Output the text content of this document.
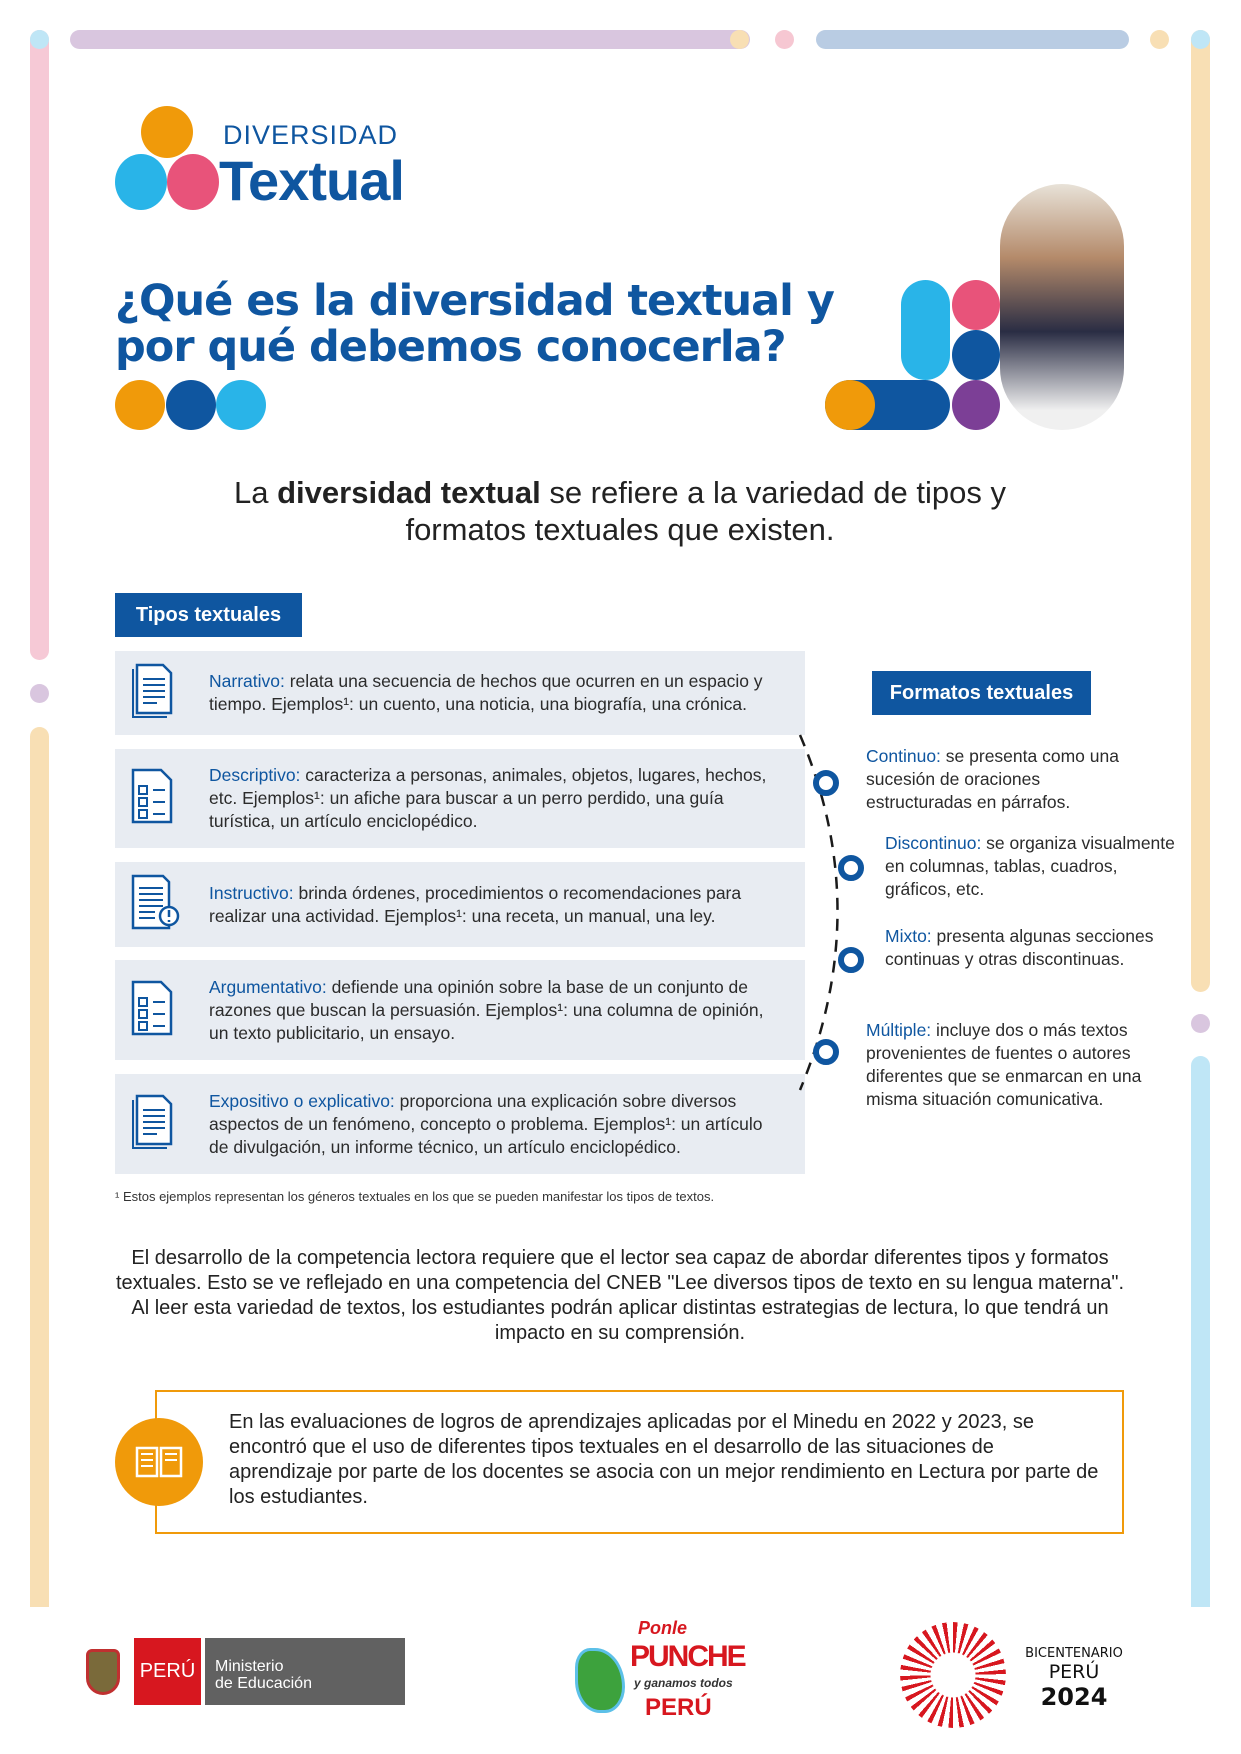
DIVERSIDAD
Textual
¿Qué es la diversidad textual y por qué debemos conocerla?
La diversidad textual se refiere a la variedad de tipos y formatos textuales que existen.
Tipos textuales

Narrativo: relata una secuencia de hechos que ocurren en un espacio y tiempo. Ejemplos¹: un cuento, una noticia, una biografía, una crónica.

Descriptivo: caracteriza a personas, animales, objetos, lugares, hechos, etc. Ejemplos¹: un afiche para buscar a un perro perdido, una guía turística, un artículo enciclopédico.

Instructivo: brinda órdenes, procedimientos o recomendaciones para realizar una actividad. Ejemplos¹: una receta, un manual, una ley.

Argumentativo: defiende una opinión sobre la base de un conjunto de razones que buscan la persuasión. Ejemplos¹: una columna de opinión, un texto publicitario, un ensayo.

Expositivo o explicativo: proporciona una explicación sobre diversos aspectos de un fenómeno, concepto o problema. Ejemplos¹: un artículo de divulgación, un informe técnico, un artículo enciclopédico.

¹ Estos ejemplos representan los géneros textuales en los que se pueden manifestar los tipos de textos.
Formatos textuales
Continuo: se presenta como una sucesión de oraciones estructuradas en párrafos.
Discontinuo: se organiza visualmente en columnas, tablas, cuadros, gráficos, etc.
Mixto: presenta algunas secciones continuas y otras discontinuas.
Múltiple: incluye dos o más textos provenientes de fuentes o autores diferentes que se enmarcan en una misma situación comunicativa.
El desarrollo de la competencia lectora requiere que el lector sea capaz de abordar diferentes tipos y formatos textuales. Esto se ve reflejado en una competencia del CNEB "Lee diversos tipos de texto en su lengua materna". Al leer esta variedad de textos, los estudiantes podrán aplicar distintas estrategias de lectura, lo que tendrá un impacto en su comprensión.
En las evaluaciones de logros de aprendizajes aplicadas por el Minedu en 2022 y 2023, se encontró que el uso de diferentes tipos textuales en el desarrollo de las situaciones de aprendizaje por parte de los docentes se asocia con un mejor rendimiento en Lectura por parte de los estudiantes.
PERÚ	Ministerio
de Educación
Ponle
PUNCHE
y ganamos todos
PERÚ
BICENTENARIO
PERÚ
2024
